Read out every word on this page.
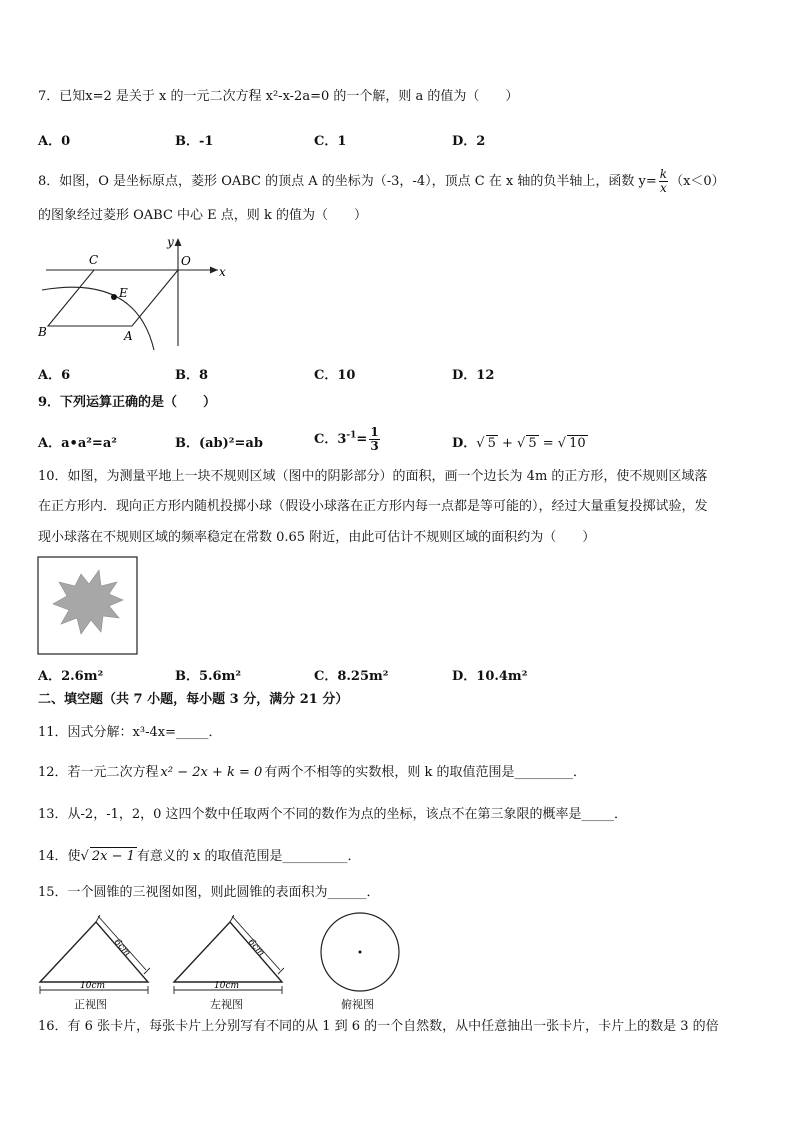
7．已知x=2 是关于 x 的一元二次方程 x²-x-2a=0 的一个解，则 a 的值为（　　）
A．0	B．-1	C．1	D．2
8．如图，O 是坐标原点，菱形 OABC 的顶点 A 的坐标为（-3，-4），顶点 C 在 x 轴的负半轴上，函数 $y= \frac{k}{x} (x<0)$
的图象经过菱形 OABC 中心 E 点，则 k 的值为（　　）
C	O
x
y
E
B	A
A．6	B．8	C．10	D．12
9．下列运算正确的是（　　）
A．a•a²=a²	B．(ab)²=ab	C．$3^{-1}= \frac{1}{3}$	D．√ 5 + √ 5 = √ 10
10．如图，为测量平地上一块不规则区域（图中的阴影部分）的面积，画一个边长为 4m 的正方形，使不规则区域落
在正方形内．现向正方形内随机投掷小球（假设小球落在正方形内每一点都是等可能的），经过大量重复投掷试验，发
现小球落在不规则区域的频率稳定在常数 0.65 附近，由此可估计不规则区域的面积约为（　　）
A．2.6m²	B．5.6m²	C．8.25m²	D．10.4m²
二、填空题（共 7 小题，每小题 3 分，满分 21 分）
11．因式分解：x³-4x=_____．
12．若一元二次方程 x² − 2x + k = 0 有两个不相等的实数根，则 k 的取值范围是_________．
13．从-2，-1，2，0 这四个数中任取两个不同的数作为点的坐标，该点不在第三象限的概率是_____．
14．使√ 2x − 1 有意义的 x 的取值范围是__________．
15．一个圆锥的三视图如图，则此圆锥的表面积为______．
6cm
10cm
正视图
6cm
10cm
左视图	俯视图
16．有 6 张卡片，每张卡片上分别写有不同的从 1 到 6 的一个自然数，从中任意抽出一张卡片，卡片上的数是 3 的倍
